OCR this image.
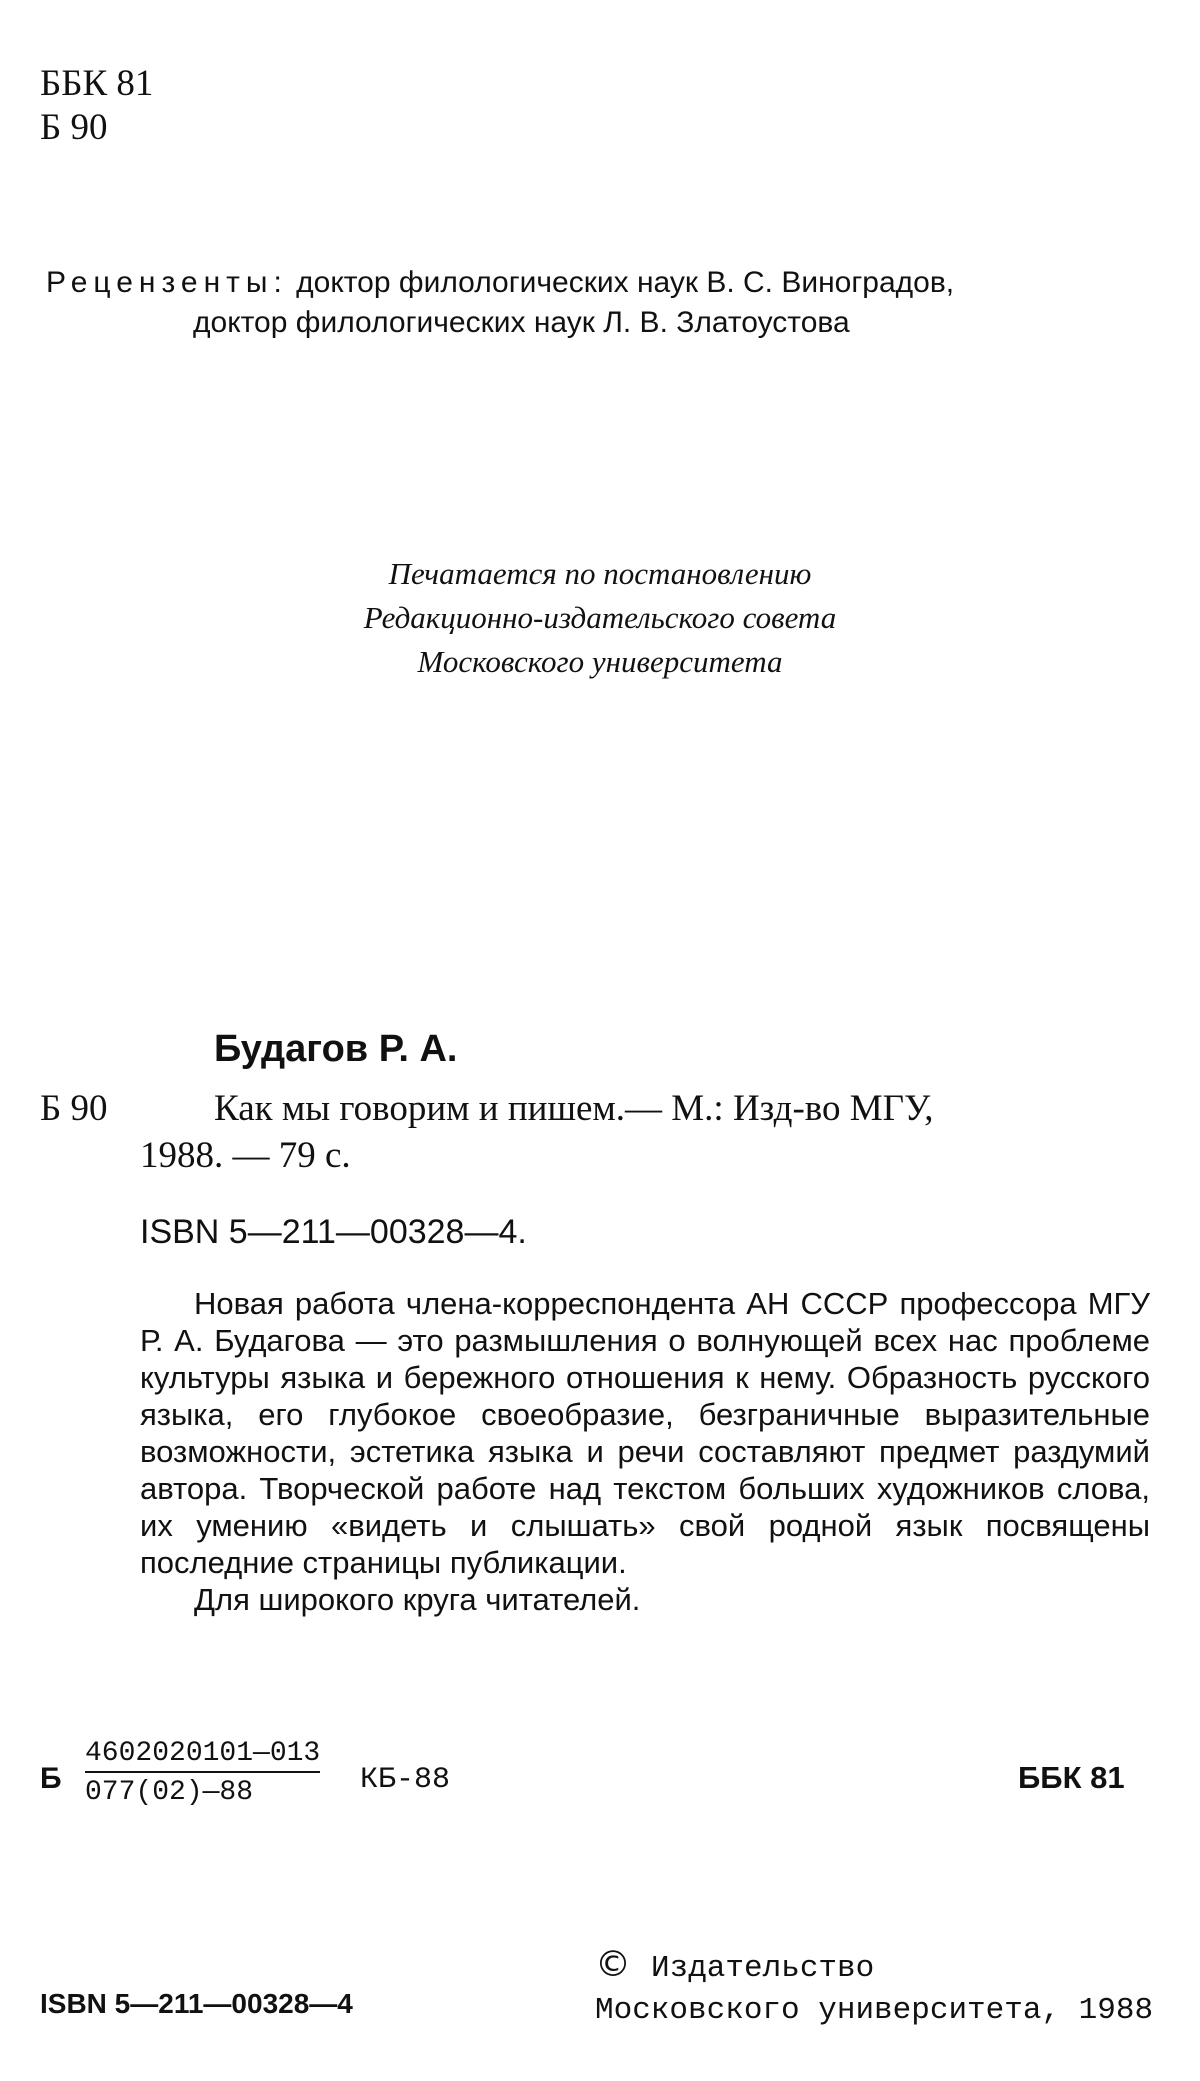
ББК 81
Б 90
Рецензенты: доктор филологических наук В. С. Виноградов,
доктор филологических наук Л. В. Златоустова
Печатается по постановлению
Редакционно-издательского совета
Московского университета
Будагов Р. А.
Б 90	Как мы говорим и пишем.— М.: Изд-во МГУ,
1988. — 79 с.
ISBN 5—211—00328—4.

Новая работа члена-корреспондента АН СССР профессора МГУ Р. А. Будагова — это размышления о волнующей всех нас проблеме культуры языка и бережного отношения к нему. Образность русского языка, его глубокое своеобразие, безграничные выразительные возможности, эстетика языка и речи составляют предмет раздумий автора. Творческой работе над текстом больших художников слова, их умению «видеть и слышать» свой родной язык посвящены последние страницы публикации.

Для широкого круга читателей.

Б $\frac{4602020101—013}{077(02)—88} КБ-88$	ББК 81
ISBN 5—211—00328—4
© Издательство
Московского университета, 1988
